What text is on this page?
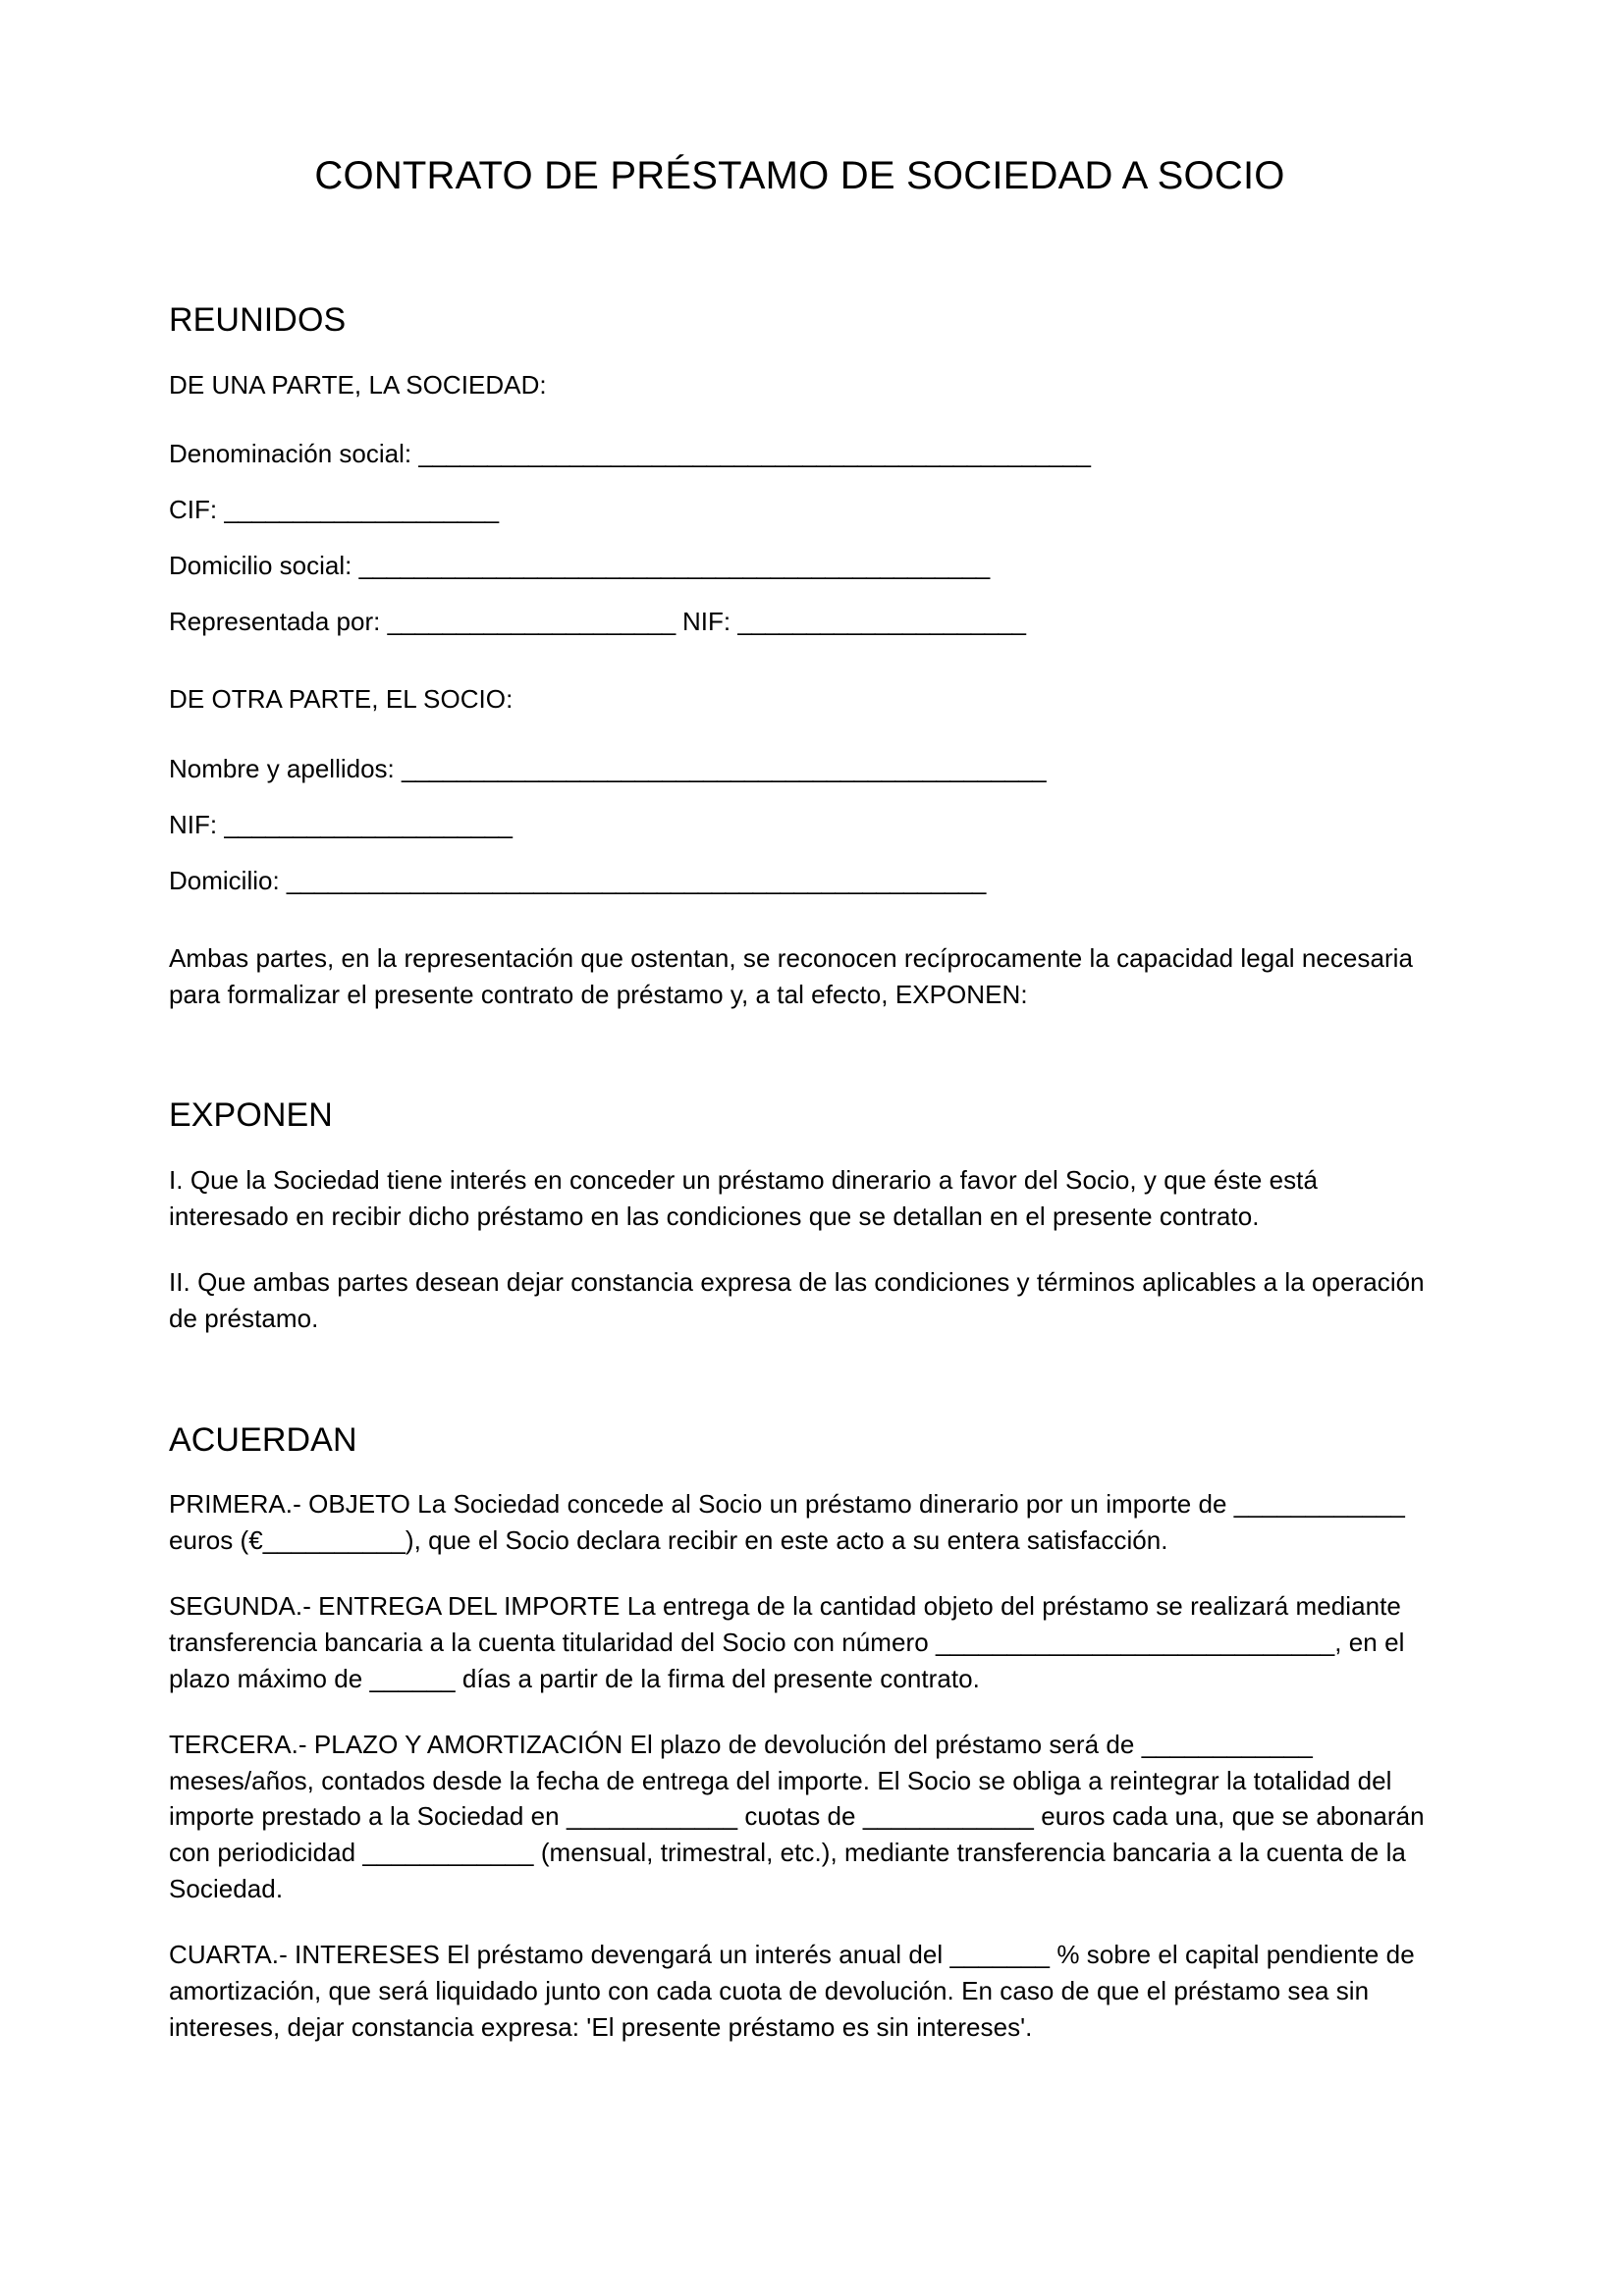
CONTRATO DE PRÉSTAMO DE SOCIEDAD A SOCIO
REUNIDOS

DE UNA PARTE, LA SOCIEDAD:

Denominación social: _________________________________________________

CIF: ____________________

Domicilio social: ______________________________________________

Representada por: _____________________ NIF: _____________________

DE OTRA PARTE, EL SOCIO:

Nombre y apellidos: _______________________________________________

NIF: _____________________

Domicilio: ___________________________________________________

Ambas partes, en la representación que ostentan, se reconocen recíprocamente la capacidad legal necesaria para formalizar el presente contrato de préstamo y, a tal efecto, EXPONEN:

EXPONEN

I. Que la Sociedad tiene interés en conceder un préstamo dinerario a favor del Socio, y que éste está interesado en recibir dicho préstamo en las condiciones que se detallan en el presente contrato.

II. Que ambas partes desean dejar constancia expresa de las condiciones y términos aplicables a la operación de préstamo.

ACUERDAN

PRIMERA.- OBJETO La Sociedad concede al Socio un préstamo dinerario por un importe de ____________ euros (€__________), que el Socio declara recibir en este acto a su entera satisfacción.

SEGUNDA.- ENTREGA DEL IMPORTE La entrega de la cantidad objeto del préstamo se realizará mediante transferencia bancaria a la cuenta titularidad del Socio con número ____________________________, en el plazo máximo de ______ días a partir de la firma del presente contrato.

TERCERA.- PLAZO Y AMORTIZACIÓN El plazo de devolución del préstamo será de ____________ meses/años, contados desde la fecha de entrega del importe. El Socio se obliga a reintegrar la totalidad del importe prestado a la Sociedad en ____________ cuotas de ____________ euros cada una, que se abonarán con periodicidad ____________ (mensual, trimestral, etc.), mediante transferencia bancaria a la cuenta de la Sociedad.

CUARTA.- INTERESES El préstamo devengará un interés anual del _______ % sobre el capital pendiente de amortización, que será liquidado junto con cada cuota de devolución. En caso de que el préstamo sea sin intereses, dejar constancia expresa: 'El presente préstamo es sin intereses'.
